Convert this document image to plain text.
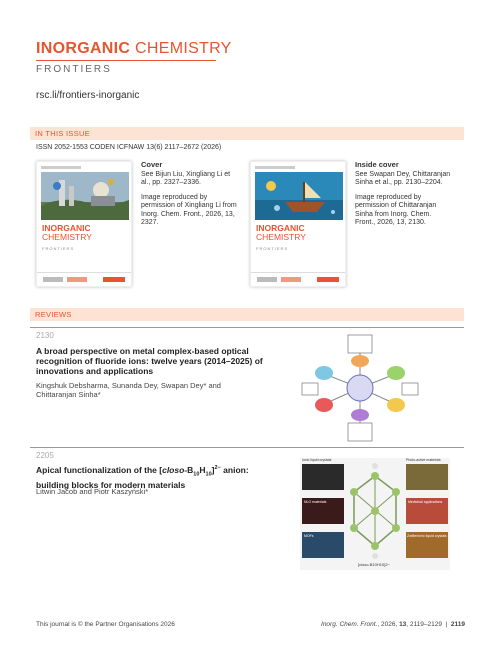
INORGANIC CHEMISTRY
FRONTIERS
rsc.li/frontiers-inorganic
IN THIS ISSUE
ISSN 2052-1553 CODEN ICFNAW 13(6) 2117–2672 (2026)
INORGANIC
CHEMISTRY
FRONTIERS

Cover
See Bijun Liu, Xingliang Li et al., pp. 2327–2336.

Image reproduced by permission of Xingliang Li from Inorg. Chem. Front., 2026, 13, 2327.

INORGANIC
CHEMISTRY
FRONTIERS

Inside cover
See Swapan Dey, Chittaranjan Sinha et al., pp. 2130–2204.

Image reproduced by permission of Chittaranjan Sinha from Inorg. Chem. Front., 2026, 13, 2130.

REVIEWS
2130
A broad perspective on metal complex-based optical recognition of fluoride ions: twelve years (2014–2025) of innovations and applications
Kingshuk Debsharma, Sunanda Dey, Swapan Dey* and Chittaranjan Sinha*
2205
Apical functionalization of the $[closo-B_{10}H_{10}]^{2-}$ anion: building blocks for modern materials
Litwin Jacob and Piotr Kaszyński*
Ionic liquid crystals	Photo-active materials
NLO materials	Medicinal applications
MOFs	Zwitterionic liquid crystals
[closo-B10H10]2−
This journal is © the Partner Organisations 2026	Inorg. Chem. Front., 2026, 13, 2119–2129  |  2119
